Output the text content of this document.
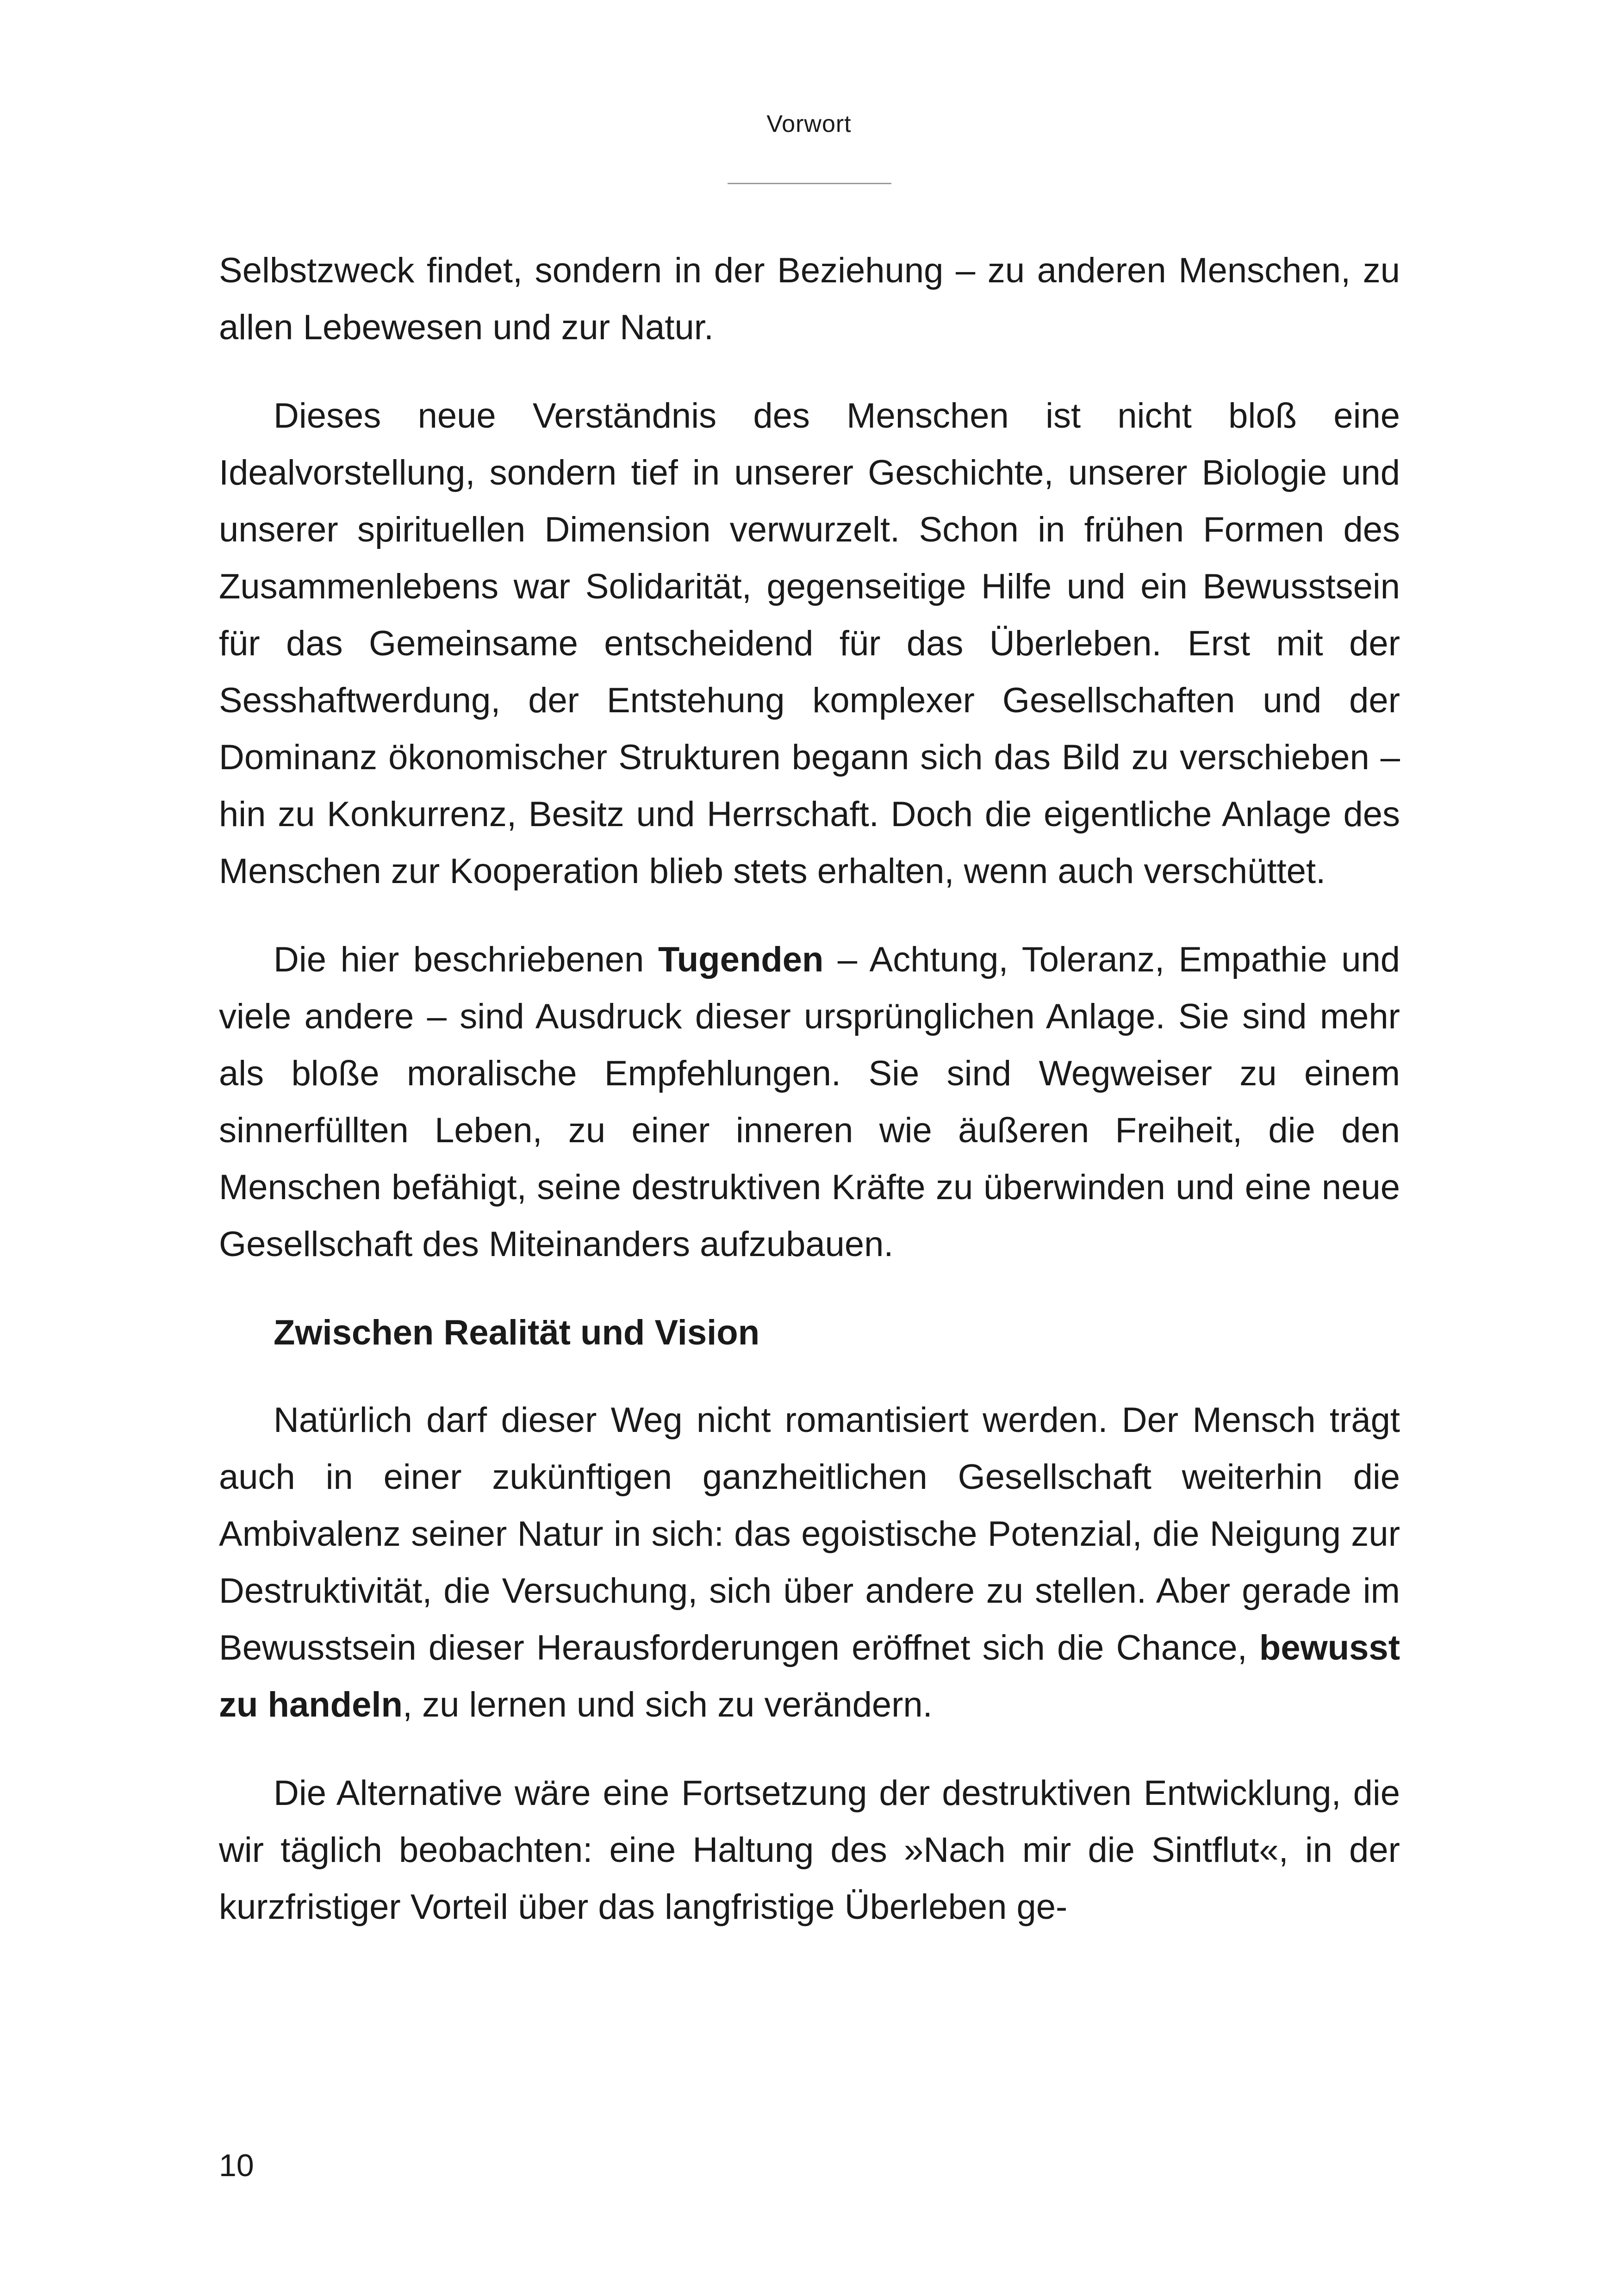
Vorwort

Selbstzweck findet, sondern in der Beziehung – zu anderen Menschen, zu allen Lebewesen und zur Natur.

Dieses neue Verständnis des Menschen ist nicht bloß eine Idealvorstellung, sondern tief in unserer Geschichte, unserer Biologie und unserer spirituellen Dimension verwurzelt. Schon in frühen Formen des Zusammenlebens war Solidarität, gegenseitige Hilfe und ein Bewusstsein für das Gemeinsame entscheidend für das Überleben. Erst mit der Sesshaftwerdung, der Entstehung komplexer Gesellschaften und der Dominanz ökonomischer Strukturen begann sich das Bild zu verschieben – hin zu Konkurrenz, Besitz und Herrschaft. Doch die eigentliche Anlage des Menschen zur Kooperation blieb stets erhalten, wenn auch verschüttet.

Die hier beschriebenen Tugenden – Achtung, Toleranz, Empathie und viele andere – sind Ausdruck dieser ursprünglichen Anlage. Sie sind mehr als bloße moralische Empfehlungen. Sie sind Wegweiser zu einem sinnerfüllten Leben, zu einer inneren wie äußeren Freiheit, die den Menschen befähigt, seine destruktiven Kräfte zu überwinden und eine neue Gesellschaft des Miteinanders aufzubauen.

Zwischen Realität und Vision

Natürlich darf dieser Weg nicht romantisiert werden. Der Mensch trägt auch in einer zukünftigen ganzheitlichen Gesellschaft weiterhin die Ambivalenz seiner Natur in sich: das egoistische Potenzial, die Neigung zur Destruktivität, die Versuchung, sich über andere zu stellen. Aber gerade im Bewusstsein dieser Herausforderungen eröffnet sich die Chance, bewusst zu handeln, zu lernen und sich zu verändern.

Die Alternative wäre eine Fortsetzung der destruktiven Entwicklung, die wir täglich beobachten: eine Haltung des »Nach mir die Sintflut«, in der kurzfristiger Vorteil über das langfristige Überleben ge-

10
